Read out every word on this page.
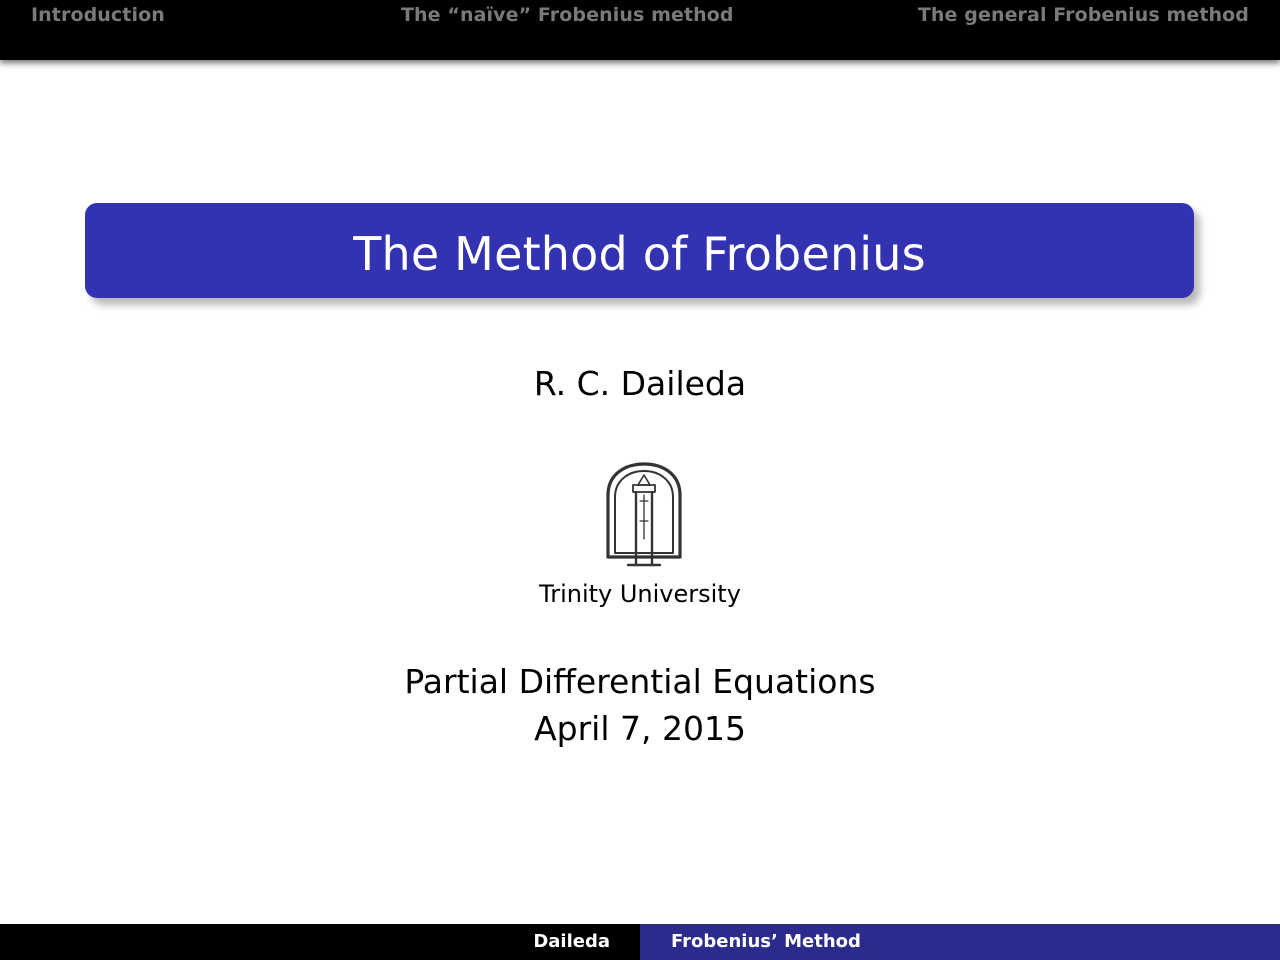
Introduction	The “naïve” Frobenius method	The general Frobenius method
The Method of Frobenius
R. C. Daileda
Trinity University
Partial Differential Equations
April 7, 2015
Daileda	Frobenius’ Method
